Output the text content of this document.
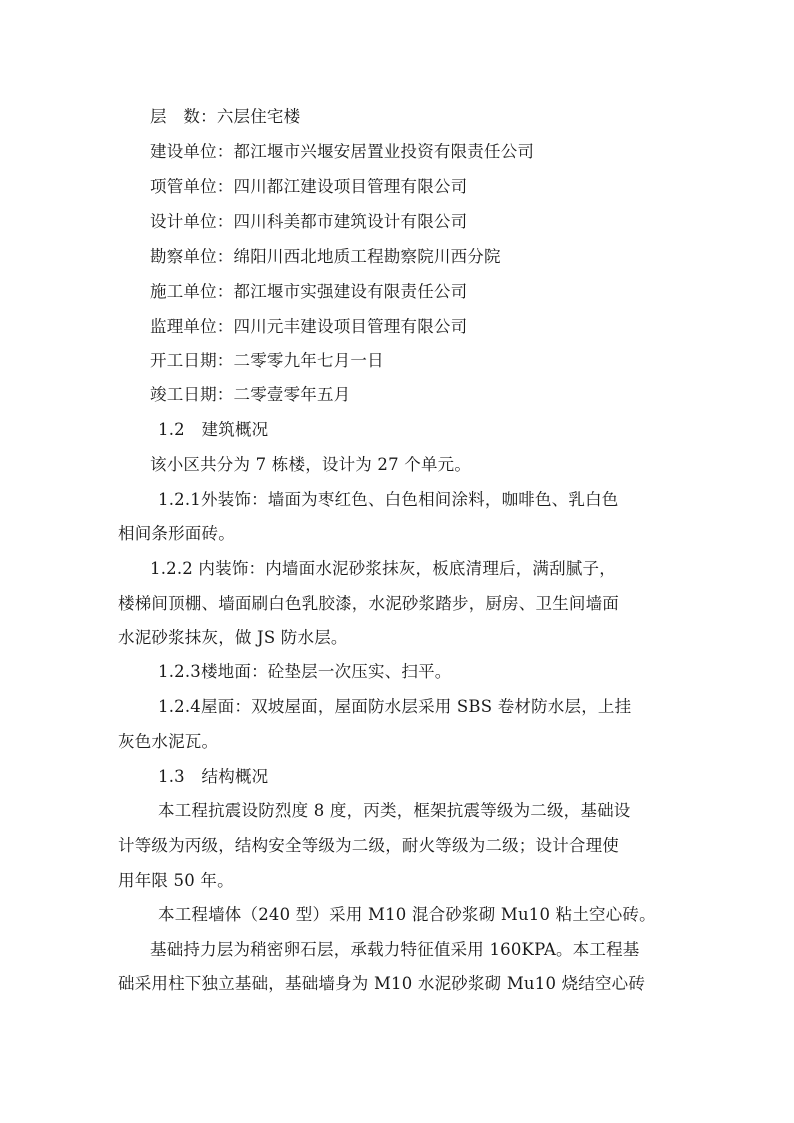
层　数：六层住宅楼
建设单位：都江堰市兴堰安居置业投资有限责任公司
项管单位：四川都江建设项目管理有限公司
设计单位：四川科美都市建筑设计有限公司
勘察单位：绵阳川西北地质工程勘察院川西分院
施工单位：都江堰市实强建设有限责任公司
监理单位：四川元丰建设项目管理有限公司
开工日期：二零零九年七月一日
竣工日期：二零壹零年五月
1.2　建筑概况
该小区共分为 7 栋楼，设计为 27 个单元。
1.2.1外装饰：墙面为枣红色、白色相间涂料，咖啡色、乳白色
相间条形面砖。
1.2.2 内装饰：内墙面水泥砂浆抹灰，板底清理后，满刮腻子，
楼梯间顶棚、墙面刷白色乳胶漆，水泥砂浆踏步，厨房、卫生间墙面
水泥砂浆抹灰，做 JS 防水层。
1.2.3楼地面：砼垫层一次压实、扫平。
1.2.4屋面：双坡屋面，屋面防水层采用 SBS 卷材防水层，上挂
灰色水泥瓦。
1.3　结构概况
本工程抗震设防烈度 8 度，丙类，框架抗震等级为二级，基础设
计等级为丙级，结构安全等级为二级，耐火等级为二级；设计合理使
用年限 50 年。
本工程墙体（240 型）采用 M10 混合砂浆砌 Mu10 粘土空心砖。
基础持力层为稍密卵石层，承载力特征值采用 160KPA。本工程基
础采用柱下独立基础，基础墙身为 M10 水泥砂浆砌 Mu10 烧结空心砖
